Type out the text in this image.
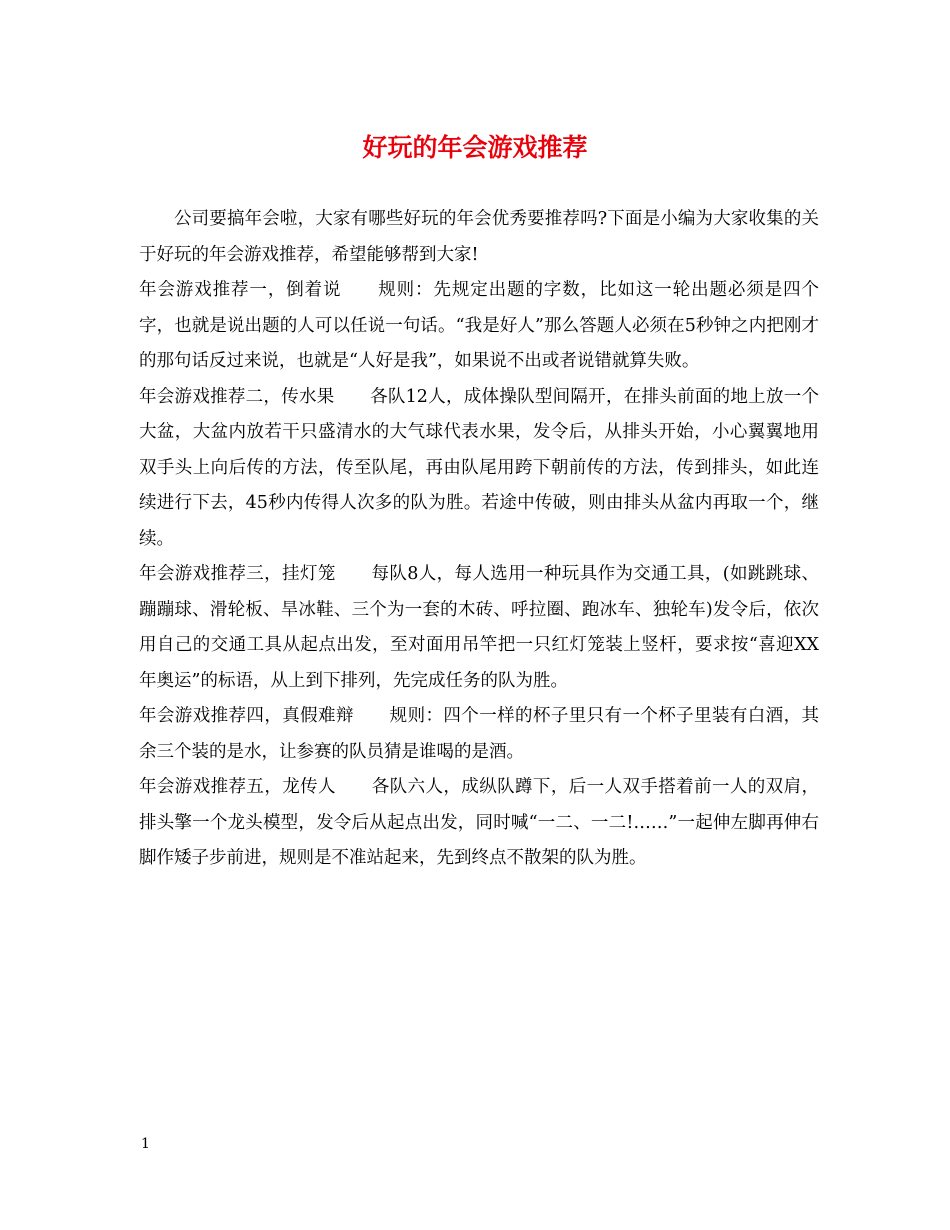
好玩的年会游戏推荐

公司要搞年会啦，大家有哪些好玩的年会优秀要推荐吗?下面是小编为大家收集的关于好玩的年会游戏推荐，希望能够帮到大家!

年会游戏推荐一，倒着说　　规则：先规定出题的字数，比如这一轮出题必须是四个字，也就是说出题的人可以任说一句话。“我是好人”那么答题人必须在5秒钟之内把刚才的那句话反过来说，也就是“人好是我”，如果说不出或者说错就算失败。

年会游戏推荐二，传水果　　各队12人，成体操队型间隔开，在排头前面的地上放一个大盆，大盆内放若干只盛清水的大气球代表水果，发令后，从排头开始，小心翼翼地用双手头上向后传的方法，传至队尾，再由队尾用跨下朝前传的方法，传到排头，如此连续进行下去，45秒内传得人次多的队为胜。若途中传破，则由排头从盆内再取一个，继续。

年会游戏推荐三，挂灯笼　　每队8人，每人选用一种玩具作为交通工具，(如跳跳球、蹦蹦球、滑轮板、旱冰鞋、三个为一套的木砖、呼拉圈、跑冰车、独轮车)发令后，依次用自己的交通工具从起点出发，至对面用吊竿把一只红灯笼装上竖杆，要求按“喜迎XX年奥运”的标语，从上到下排列，先完成任务的队为胜。

年会游戏推荐四，真假难辩　　规则：四个一样的杯子里只有一个杯子里装有白酒，其余三个装的是水，让参赛的队员猜是谁喝的是酒。

年会游戏推荐五，龙传人　　各队六人，成纵队蹲下，后一人双手搭着前一人的双肩，排头擎一个龙头模型，发令后从起点出发，同时喊“一二、一二!……”一起伸左脚再伸右脚作矮子步前进，规则是不准站起来，先到终点不散架的队为胜。

1
